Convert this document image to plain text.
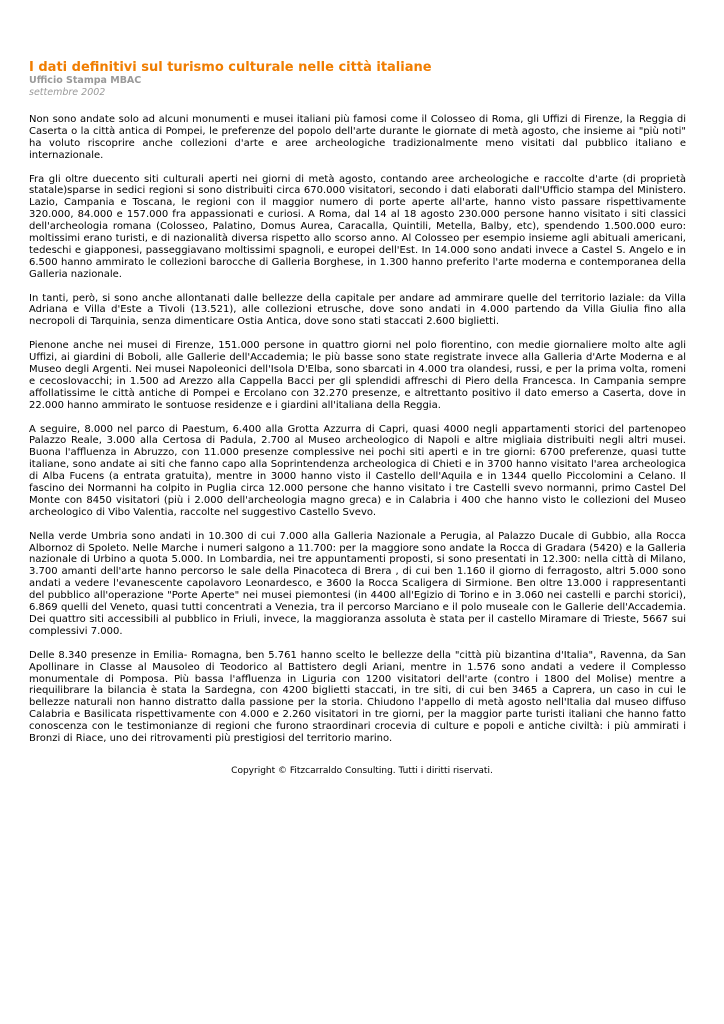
I dati definitivi sul turismo culturale nelle città italiane
Ufficio Stampa MBAC
settembre 2002

Non sono andate solo ad alcuni monumenti e musei italiani più famosi come il Colosseo di Roma, gli Uffizi di Firenze, la Reggia di Caserta o la città antica di Pompei, le preferenze del popolo dell'arte durante le giornate di metà agosto, che insieme ai "più noti" ha voluto riscoprire anche collezioni d'arte e aree archeologiche tradizionalmente meno visitati dal pubblico italiano e internazionale.

Fra gli oltre duecento siti culturali aperti nei giorni di metà agosto, contando aree archeologiche e raccolte d'arte (di proprietà statale)sparse in sedici regioni si sono distribuiti circa 670.000 visitatori, secondo i dati elaborati dall'Ufficio stampa del Ministero. Lazio, Campania e Toscana, le regioni con il maggior numero di porte aperte all'arte, hanno visto passare rispettivamente 320.000, 84.000 e 157.000 fra appassionati e curiosi. A Roma, dal 14 al 18 agosto 230.000 persone hanno visitato i siti classici dell'archeologia romana (Colosseo, Palatino, Domus Aurea, Caracalla, Quintili, Metella, Balby, etc), spendendo 1.500.000 euro: moltissimi erano turisti, e di nazionalità diversa rispetto allo scorso anno. Al Colosseo per esempio insieme agli abituali americani, tedeschi e giapponesi, passeggiavano moltissimi spagnoli, e europei dell'Est. In 14.000 sono andati invece a Castel S. Angelo e in 6.500 hanno ammirato le collezioni barocche di Galleria Borghese, in 1.300 hanno preferito l'arte moderna e contemporanea della Galleria nazionale.

In tanti, però, si sono anche allontanati dalle bellezze della capitale per andare ad ammirare quelle del territorio laziale: da Villa Adriana e Villa d'Este a Tivoli (13.521), alle collezioni etrusche, dove sono andati in 4.000 partendo da Villa Giulia fino alla necropoli di Tarquinia, senza dimenticare Ostia Antica, dove sono stati staccati 2.600 biglietti.

Pienone anche nei musei di Firenze, 151.000 persone in quattro giorni nel polo fiorentino, con medie giornaliere molto alte agli Uffizi, ai giardini di Boboli, alle Gallerie dell'Accademia; le più basse sono state registrate invece alla Galleria d'Arte Moderna e al Museo degli Argenti. Nei musei Napoleonici dell'Isola D'Elba, sono sbarcati in 4.000 tra olandesi, russi, e per la prima volta, romeni e cecoslovacchi; in 1.500 ad Arezzo alla Cappella Bacci per gli splendidi affreschi di Piero della Francesca. In Campania sempre affollatissime le città antiche di Pompei e Ercolano con 32.270 presenze, e altrettanto positivo il dato emerso a Caserta, dove in 22.000 hanno ammirato le sontuose residenze e i giardini all'italiana della Reggia.

A seguire, 8.000 nel parco di Paestum, 6.400 alla Grotta Azzurra di Capri, quasi 4000 negli appartamenti storici del partenopeo Palazzo Reale, 3.000 alla Certosa di Padula, 2.700 al Museo archeologico di Napoli e altre migliaia distribuiti negli altri musei. Buona l'affluenza in Abruzzo, con 11.000 presenze complessive nei pochi siti aperti e in tre giorni: 6700 preferenze, quasi tutte italiane, sono andate ai siti che fanno capo alla Soprintendenza archeologica di Chieti e in 3700 hanno visitato l'area archeologica di Alba Fucens (a entrata gratuita), mentre in 3000 hanno visto il Castello dell'Aquila e in 1344 quello Piccolomini a Celano. Il fascino dei Normanni ha colpito in Puglia circa 12.000 persone che hanno visitato i tre Castelli svevo normanni, primo Castel Del Monte con 8450 visitatori (più i 2.000 dell'archeologia magno greca) e in Calabria i 400 che hanno visto le collezioni del Museo archeologico di Vibo Valentia, raccolte nel suggestivo Castello Svevo.

Nella verde Umbria sono andati in 10.300 di cui 7.000 alla Galleria Nazionale a Perugia, al Palazzo Ducale di Gubbio, alla Rocca Albornoz di Spoleto. Nelle Marche i numeri salgono a 11.700: per la maggiore sono andate la Rocca di Gradara (5420) e la Galleria nazionale di Urbino a quota 5.000. In Lombardia, nei tre appuntamenti proposti, si sono presentati in 12.300: nella città di Milano, 3.700 amanti dell'arte hanno percorso le sale della Pinacoteca di Brera , di cui ben 1.160 il giorno di ferragosto, altri 5.000 sono andati a vedere l'evanescente capolavoro Leonardesco, e 3600 la Rocca Scaligera di Sirmione. Ben oltre 13.000 i rappresentanti del pubblico all'operazione "Porte Aperte" nei musei piemontesi (in 4400 all'Egizio di Torino e in 3.060 nei castelli e parchi storici), 6.869 quelli del Veneto, quasi tutti concentrati a Venezia, tra il percorso Marciano e il polo museale con le Gallerie dell'Accademia. Dei quattro siti accessibili al pubblico in Friuli, invece, la maggioranza assoluta è stata per il castello Miramare di Trieste, 5667 sui complessivi 7.000.

Delle 8.340 presenze in Emilia- Romagna, ben 5.761 hanno scelto le bellezze della "città più bizantina d'Italia", Ravenna, da San Apollinare in Classe al Mausoleo di Teodorico al Battistero degli Ariani, mentre in 1.576 sono andati a vedere il Complesso monumentale di Pomposa. Più bassa l'affluenza in Liguria con 1200 visitatori dell'arte (contro i 1800 del Molise) mentre a riequilibrare la bilancia è stata la Sardegna, con 4200 biglietti staccati, in tre siti, di cui ben 3465 a Caprera, un caso in cui le bellezze naturali non hanno distratto dalla passione per la storia. Chiudono l'appello di metà agosto nell'Italia dal museo diffuso Calabria e Basilicata rispettivamente con 4.000 e 2.260 visitatori in tre giorni, per la maggior parte turisti italiani che hanno fatto conoscenza con le testimonianze di regioni che furono straordinari crocevia di culture e popoli e antiche civiltà: i più ammirati i Bronzi di Riace, uno dei ritrovamenti più prestigiosi del territorio marino.

Copyright © Fitzcarraldo Consulting. Tutti i diritti riservati.
